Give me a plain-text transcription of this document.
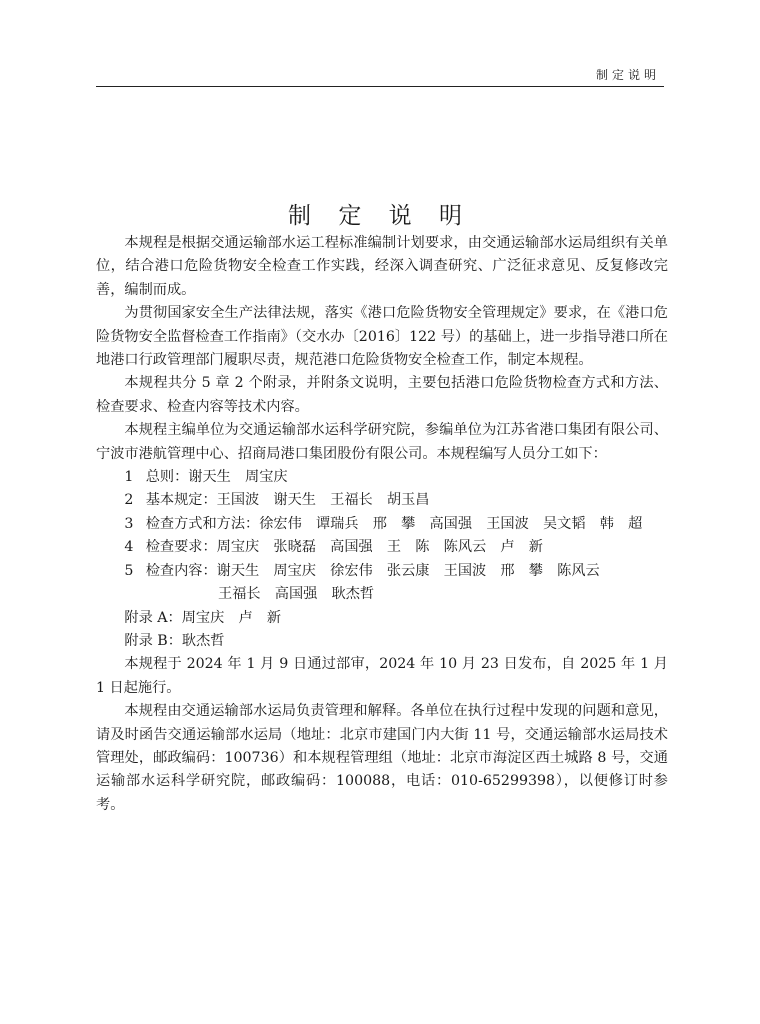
制定说明
制 定 说 明

本规程是根据交通运输部水运工程标准编制计划要求，由交通运输部水运局组织有关单位，结合港口危险货物安全检查工作实践，经深入调查研究、广泛征求意见、反复修改完善，编制而成。

为贯彻国家安全生产法律法规，落实《港口危险货物安全管理规定》要求，在《港口危险货物安全监督检查工作指南》（交水办〔2016〕122 号）的基础上，进一步指导港口所在地港口行政管理部门履职尽责，规范港口危险货物安全检查工作，制定本规程。

本规程共分 5 章 2 个附录，并附条文说明，主要包括港口危险货物检查方式和方法、检查要求、检查内容等技术内容。

本规程主编单位为交通运输部水运科学研究院，参编单位为江苏省港口集团有限公司、宁波市港航管理中心、招商局港口集团股份有限公司。本规程编写人员分工如下：

1 总则：谢天生　周宝庆

2 基本规定：王国波　谢天生　王福长　胡玉昌

3 检查方式和方法：徐宏伟　谭瑞兵　邢　攀　高国强　王国波　吴文韬　韩　超

4 检查要求：周宝庆　张晓磊　高国强　王　陈　陈风云　卢　新

5 检查内容：谢天生　周宝庆　徐宏伟　张云康　王国波　邢　攀　陈风云

王福长　高国强　耿杰哲

附录 A：周宝庆　卢　新

附录 B：耿杰哲

本规程于 2024 年 1 月 9 日通过部审，2024 年 10 月 23 日发布，自 2025 年 1 月 1 日起施行。

本规程由交通运输部水运局负责管理和解释。各单位在执行过程中发现的问题和意见，请及时函告交通运输部水运局（地址：北京市建国门内大街 11 号，交通运输部水运局技术管理处，邮政编码：100736）和本规程管理组（地址：北京市海淀区西土城路 8 号，交通运输部水运科学研究院，邮政编码：100088，电话：010-65299398），以便修订时参考。
